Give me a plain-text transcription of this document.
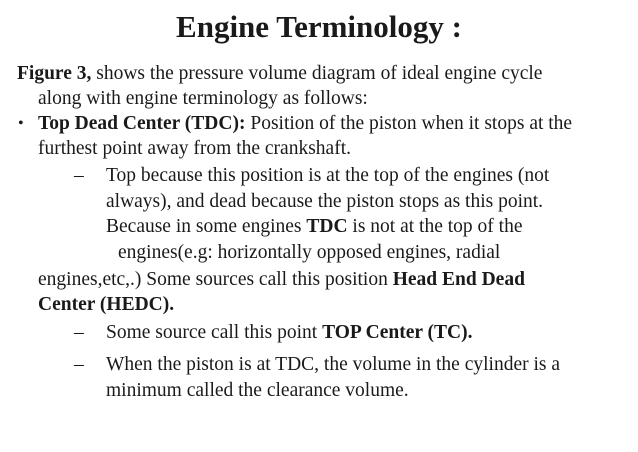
Engine Terminology :
Figure 3, shows the pressure volume diagram of ideal engine cycle
along with engine terminology as follows:
• Top Dead Center (TDC): Position of the piston when it stops at the
furthest point away from the crankshaft.
– Top because this position is at the top of the engines (not
always), and dead because the piston stops as this point.
Because in some engines TDC is not at the top of the
engines(e.g: horizontally opposed engines, radial
engines,etc,.) Some sources call this position Head End Dead
Center (HEDC).
– Some source call this point TOP Center (TC).
– When the piston is at TDC, the volume in the cylinder is a
minimum called the clearance volume.
